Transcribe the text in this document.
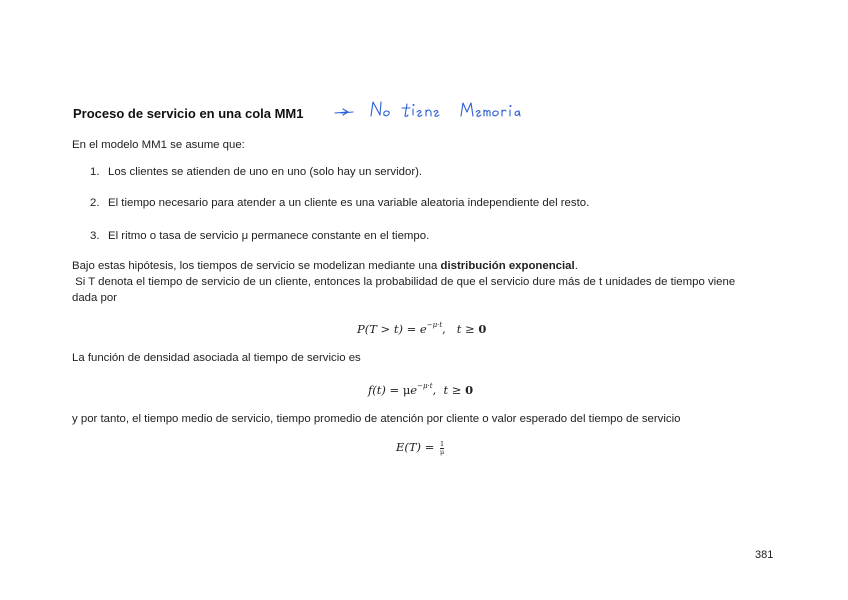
Proceso de servicio en una cola MM1
En el modelo MM1 se asume que:
1. Los clientes se atienden de uno en uno (solo hay un servidor).
2. El tiempo necesario para atender a un cliente es una variable aleatoria independiente del resto.
3. El ritmo o tasa de servicio μ permanece constante en el tiempo.
Bajo estas hipótesis, los tiempos de servicio se modelizan mediante una distribución exponencial.
Si T denota el tiempo de servicio de un cliente, entonces la probabilidad de que el servicio dure más de t unidades de tiempo viene dada por
$P(T > t) = e^{-\mu\cdot t}$,   t ≥ 0
La función de densidad asociada al tiempo de servicio es
$f(t) = \mu e^{-\mu\cdot t}$,  t ≥ 0
y por tanto, el tiempo medio de servicio, tiempo promedio de atención por cliente o valor esperado del tiempo de servicio
$E(T) = \frac{1}{\mu}$
381
